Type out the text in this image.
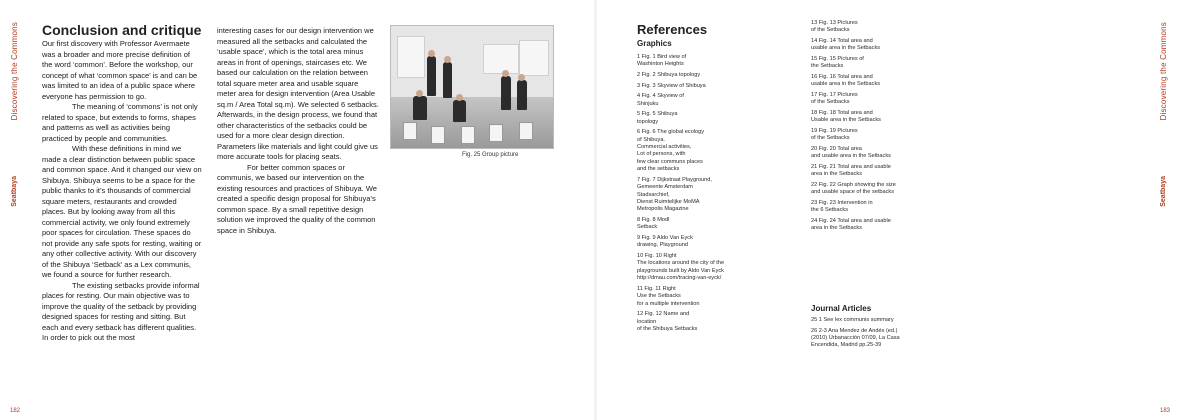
Discovering the Commons
Seatbaya
182
Conclusion and critique

Our first discovery with Professor Avermaete was a broader and more precise definition of the word ‘common’. Before the workshop, our concept of what ‘common space’ is and can be was limited to an idea of a public space where everyone has permission to go.

The meaning of ‘commons’ is not only related to space, but extends to forms, shapes and patterns as well as activities being practiced by people and communities.

With these definitions in mind we made a clear distinction between public space and common space. And it changed our view on Shibuya. Shibuya seems to be a space for the public thanks to it’s thousands of commercial square meters, restaurants and crowded places. But by looking away from all this commercial activity, we only found extremely poor spaces for circulation. These spaces do not provide any safe spots for resting, waiting or any other collective activity. With our discovery of the Shibuya ‘Setback’ as a Lex communis, we found a source for further research.

The existing setbacks provide informal places for resting. Our main objective was to improve the quality of the setback by providing designed spaces for resting and sitting. But each and every setback has different qualities. In order to pick out the most

interesting cases for our design intervention we measured all the setbacks and calculated the ‘usable space’, which is the total area minus areas in front of openings, staircases etc. We based our calculation on the relation between total square meter area and usable square meter area for design intervention (Area Usable sq.m / Area Total sq.m). We selected 6 setbacks. Afterwards, in the design process, we found that other characteristics of the setbacks could be used for a more clear design direction. Parameters like materials and light could give us more accurate tools for placing seats.

For better common spaces or communis, we based our intervention on the existing resources and practices of Shibuya. We created a specific design proposal for Shibuya’s common space. By a small repetitive design solution we improved the quality of the common space in Shibuya.

Fig. 25 Group picture
References
Graphics
1 Fig. 1 Bird view of
Washinton Heights
2 Fig. 2 Shibuya topology
3 Fig. 3 Skyview of Shibuya
4 Fig. 4 Skyview of
Shinjuku
5 Fig. 5 Shibuya
topology
6 Fig. 6 The global ecology
of Shibuya.
Commercial activities,
Lot of persons, with
few clear communs places
and the setbacks
7 Fig. 7 Dijkstraat Playground,
Gemeente Amsterdam
Stadsarchief,
Dienst Ruimtelijke MoMA
Metropolis Magazine
8 Fig. 8 Modl
Setback
9 Fig. 9 Aldo Van Eyck
drawing, Playground
10 Fig. 10 Right
The locations around the city of the
playgrounds built by Aldo Van Eyck
http://dmau.com/tracing-van-eyck/
11 Fig. 11 Right
Use the Setbacks
for a multiple intervention
12 Fig. 12 Name and
location
of the Shibuya Setbacks
13 Fig. 13 Pictures
of the Setbacks
14 Fig. 14 Total area and
usable area in the Setbacks
15 Fig. 15 Pictures of
the Setbacks
16 Fig. 16 Total area and
usable area in the Setbacks
17 Fig. 17 Pictures
of the Setbacks
18 Fig. 18 Total area and
Usable area in the Setbacks
19 Fig. 19 Pictures
of the Setbacks
20 Fig. 20 Total area
and usable area in the Setbacks
21 Fig. 21 Total area and usable
area in the Setbacks
22 Fig. 22 Graph showing the size
and usable space of the setbacks
23 Fig. 23 Intervention in
the 6 Setbacks
24 Fig. 24 Total area and usable
area in the Setbacks
Journal Articles
25 1 See lex communis summary
26 2-3 Ana Mendez de Andés (ed.)
(2010) Urbanacción 07/09, La Casa
Encendida, Madrid pp.25-39
Discovering the Commons
Seatbaya
183
